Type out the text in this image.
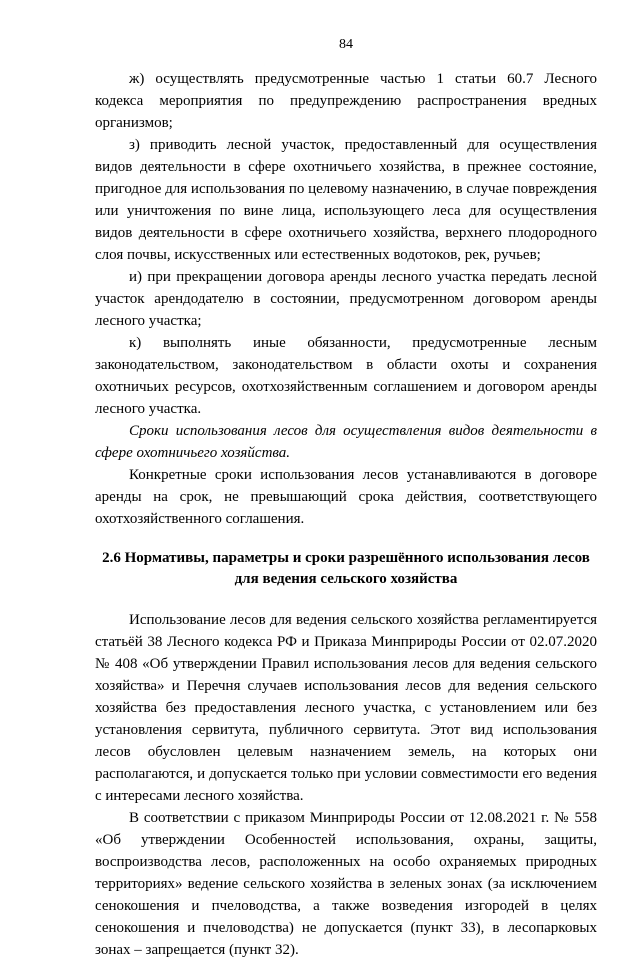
84

ж) осуществлять предусмотренные частью 1 статьи 60.7 Лесного кодекса мероприятия по предупреждению распространения вредных организмов;

з) приводить лесной участок, предоставленный для осуществления видов деятельности в сфере охотничьего хозяйства, в прежнее состояние, пригодное для использования по целевому назначению, в случае повреждения или уничтожения по вине лица, использующего леса для осуществления видов деятельности в сфере охотничьего хозяйства, верхнего плодородного слоя почвы, искусственных или естественных водотоков, рек, ручьев;

и) при прекращении договора аренды лесного участка передать лесной участок арендодателю в состоянии, предусмотренном договором аренды лесного участка;

к) выполнять иные обязанности, предусмотренные лесным законодательством, законодательством в области охоты и сохранения охотничьих ресурсов, охотхозяйственным соглашением и договором аренды лесного участка.

Сроки использования лесов для осуществления видов деятельности в сфере охотничьего хозяйства.

Конкретные сроки использования лесов устанавливаются в договоре аренды на срок, не превышающий срока действия, соответствующего охотхозяйственного соглашения.

2.6 Нормативы, параметры и сроки разрешённого использования лесов для ведения сельского хозяйства

Использование лесов для ведения сельского хозяйства регламентируется статьёй 38 Лесного кодекса РФ и Приказа Минприроды России от 02.07.2020 № 408 «Об утверждении Правил использования лесов для ведения сельского хозяйства» и Перечня случаев использования лесов для ведения сельского хозяйства без предоставления лесного участка, с установлением или без установления сервитута, публичного сервитута. Этот вид использования лесов обусловлен целевым назначением земель, на которых они располагаются, и допускается только при условии совместимости его ведения с интересами лесного хозяйства.

В соответствии с приказом Минприроды России от 12.08.2021 г. № 558 «Об утверждении Особенностей использования, охраны, защиты, воспроизводства лесов, расположенных на особо охраняемых природных территориях» ведение сельского хозяйства в зеленых зонах (за исключением сенокошения и пчеловодства, а также возведения изгородей в целях сенокошения и пчеловодства) не допускается (пункт 33), в лесопарковых зонах – запрещается (пункт 32).
